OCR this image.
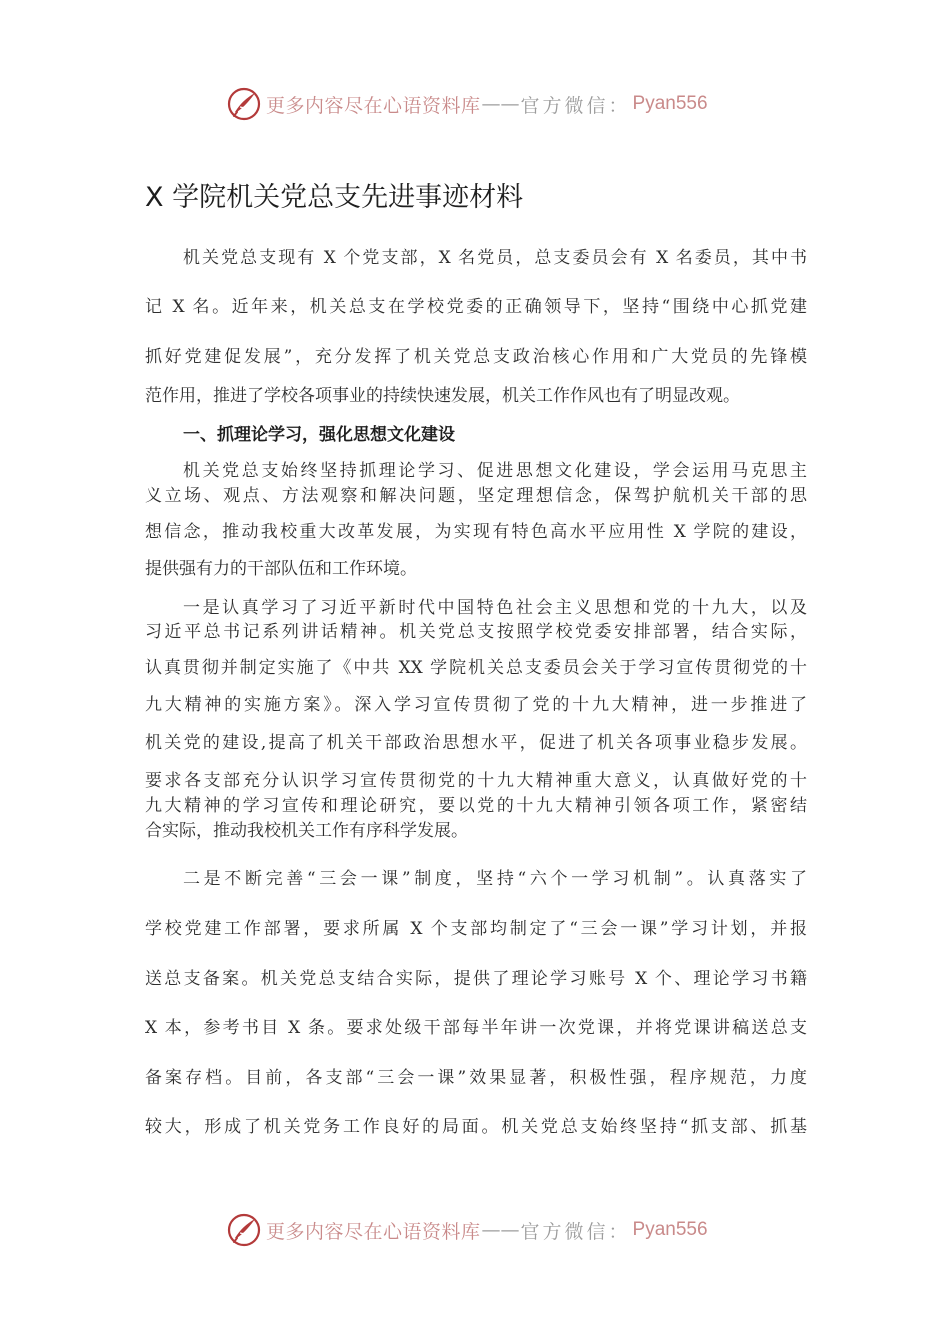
更多内容尽在心语资料库 —— 官方微信： Pyan556
X 学院机关党总支先进事迹材料
机关党总支现有 X 个党支部，X 名党员，总支委员会有 X 名委员，其中书
记 X 名。近年来，机关总支在学校党委的正确领导下，坚持“围绕中心抓党建
抓好党建促发展”，充分发挥了机关党总支政治核心作用和广大党员的先锋模
范作用，推进了学校各项事业的持续快速发展，机关工作作风也有了明显改观。
一、抓理论学习，强化思想文化建设
机关党总支始终坚持抓理论学习、促进思想文化建设，学会运用马克思主
义立场、观点、方法观察和解决问题，坚定理想信念，保驾护航机关干部的思
想信念，推动我校重大改革发展，为实现有特色高水平应用性 X 学院的建设，
提供强有力的干部队伍和工作环境。
一是认真学习了习近平新时代中国特色社会主义思想和党的十九大，以及
习近平总书记系列讲话精神。机关党总支按照学校党委安排部署，结合实际，
认真贯彻并制定实施了《中共 XX 学院机关总支委员会关于学习宣传贯彻党的十
九大精神的实施方案》。深入学习宣传贯彻了党的十九大精神，进一步推进了
机关党的建设,提高了机关干部政治思想水平，促进了机关各项事业稳步发展。
要求各支部充分认识学习宣传贯彻党的十九大精神重大意义，认真做好党的十
九大精神的学习宣传和理论研究，要以党的十九大精神引领各项工作，紧密结
合实际，推动我校机关工作有序科学发展。
二是不断完善“三会一课”制度，坚持“六个一学习机制”。认真落实了
学校党建工作部署，要求所属 X 个支部均制定了“三会一课”学习计划，并报
送总支备案。机关党总支结合实际，提供了理论学习账号 X 个、理论学习书籍
X 本，参考书目 X 条。要求处级干部每半年讲一次党课，并将党课讲稿送总支
备案存档。目前，各支部“三会一课”效果显著，积极性强，程序规范，力度
较大，形成了机关党务工作良好的局面。机关党总支始终坚持“抓支部、抓基
更多内容尽在心语资料库 —— 官方微信： Pyan556
